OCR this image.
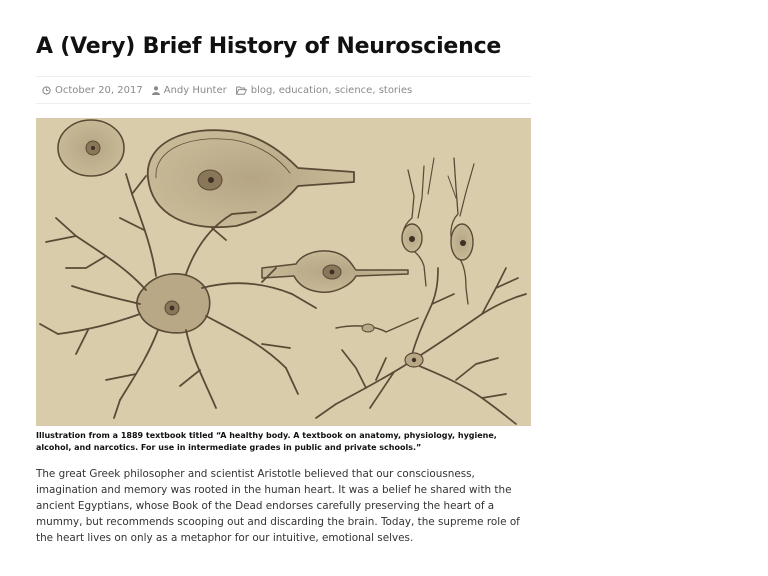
A (Very) Brief History of Neuroscience
October 20, 2017 Andy Hunter blog, education, science, stories
Illustration from a 1889 textbook titled “A healthy body. A textbook on anatomy, physiology, hygiene, alcohol, and narcotics. For use in intermediate grades in public and private schools.”

The great Greek philosopher and scientist Aristotle believed that our consciousness, imagination and memory was rooted in the human heart. It was a belief he shared with the ancient Egyptians, whose Book of the Dead endorses carefully preserving the heart of a mummy, but recommends scooping out and discarding the brain. Today, the supreme role of the heart lives on only as a metaphor for our intuitive, emotional selves.
